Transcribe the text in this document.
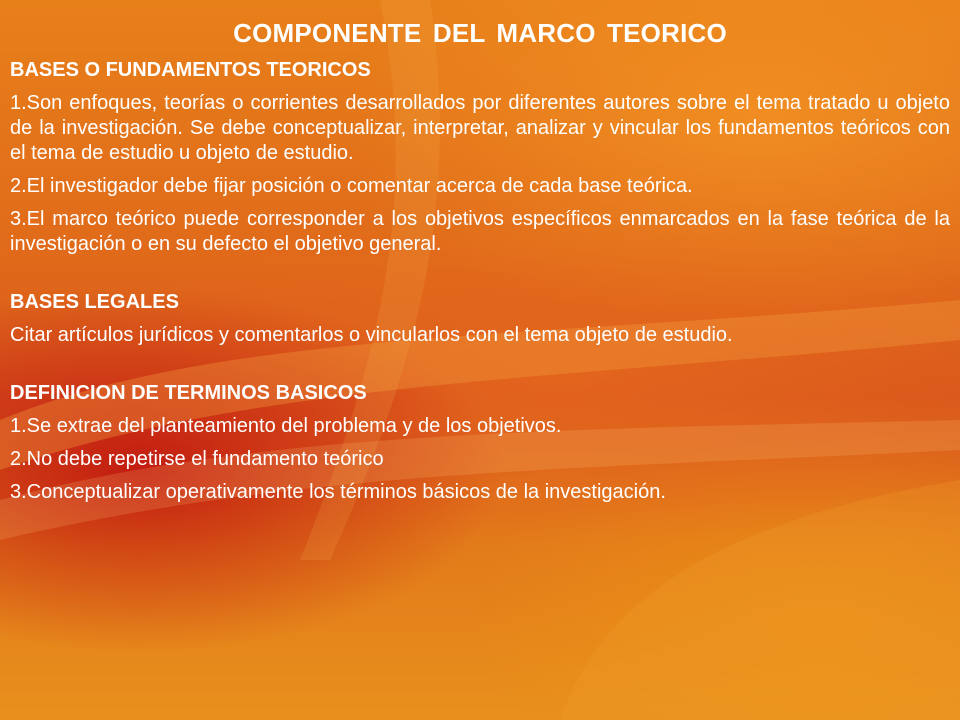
COMPONENTE DEL MARCO TEORICO
BASES O FUNDAMENTOS TEORICOS
1.Son enfoques, teorías o corrientes desarrollados por diferentes autores sobre el tema tratado u objeto de la investigación. Se debe conceptualizar, interpretar, analizar y vincular los fundamentos teóricos con el tema de estudio u objeto de estudio.
2.El investigador debe fijar posición o comentar acerca de cada base teórica.
3.El marco teórico puede corresponder a los objetivos específicos enmarcados en la fase teórica de la investigación o en su defecto el objetivo general.
BASES LEGALES
Citar artículos jurídicos y comentarlos o vincularlos con el tema objeto de estudio.
DEFINICION DE TERMINOS BASICOS
1.Se extrae del planteamiento del problema y de los objetivos.
2.No debe repetirse el fundamento teórico
3.Conceptualizar operativamente los términos básicos de la investigación.
